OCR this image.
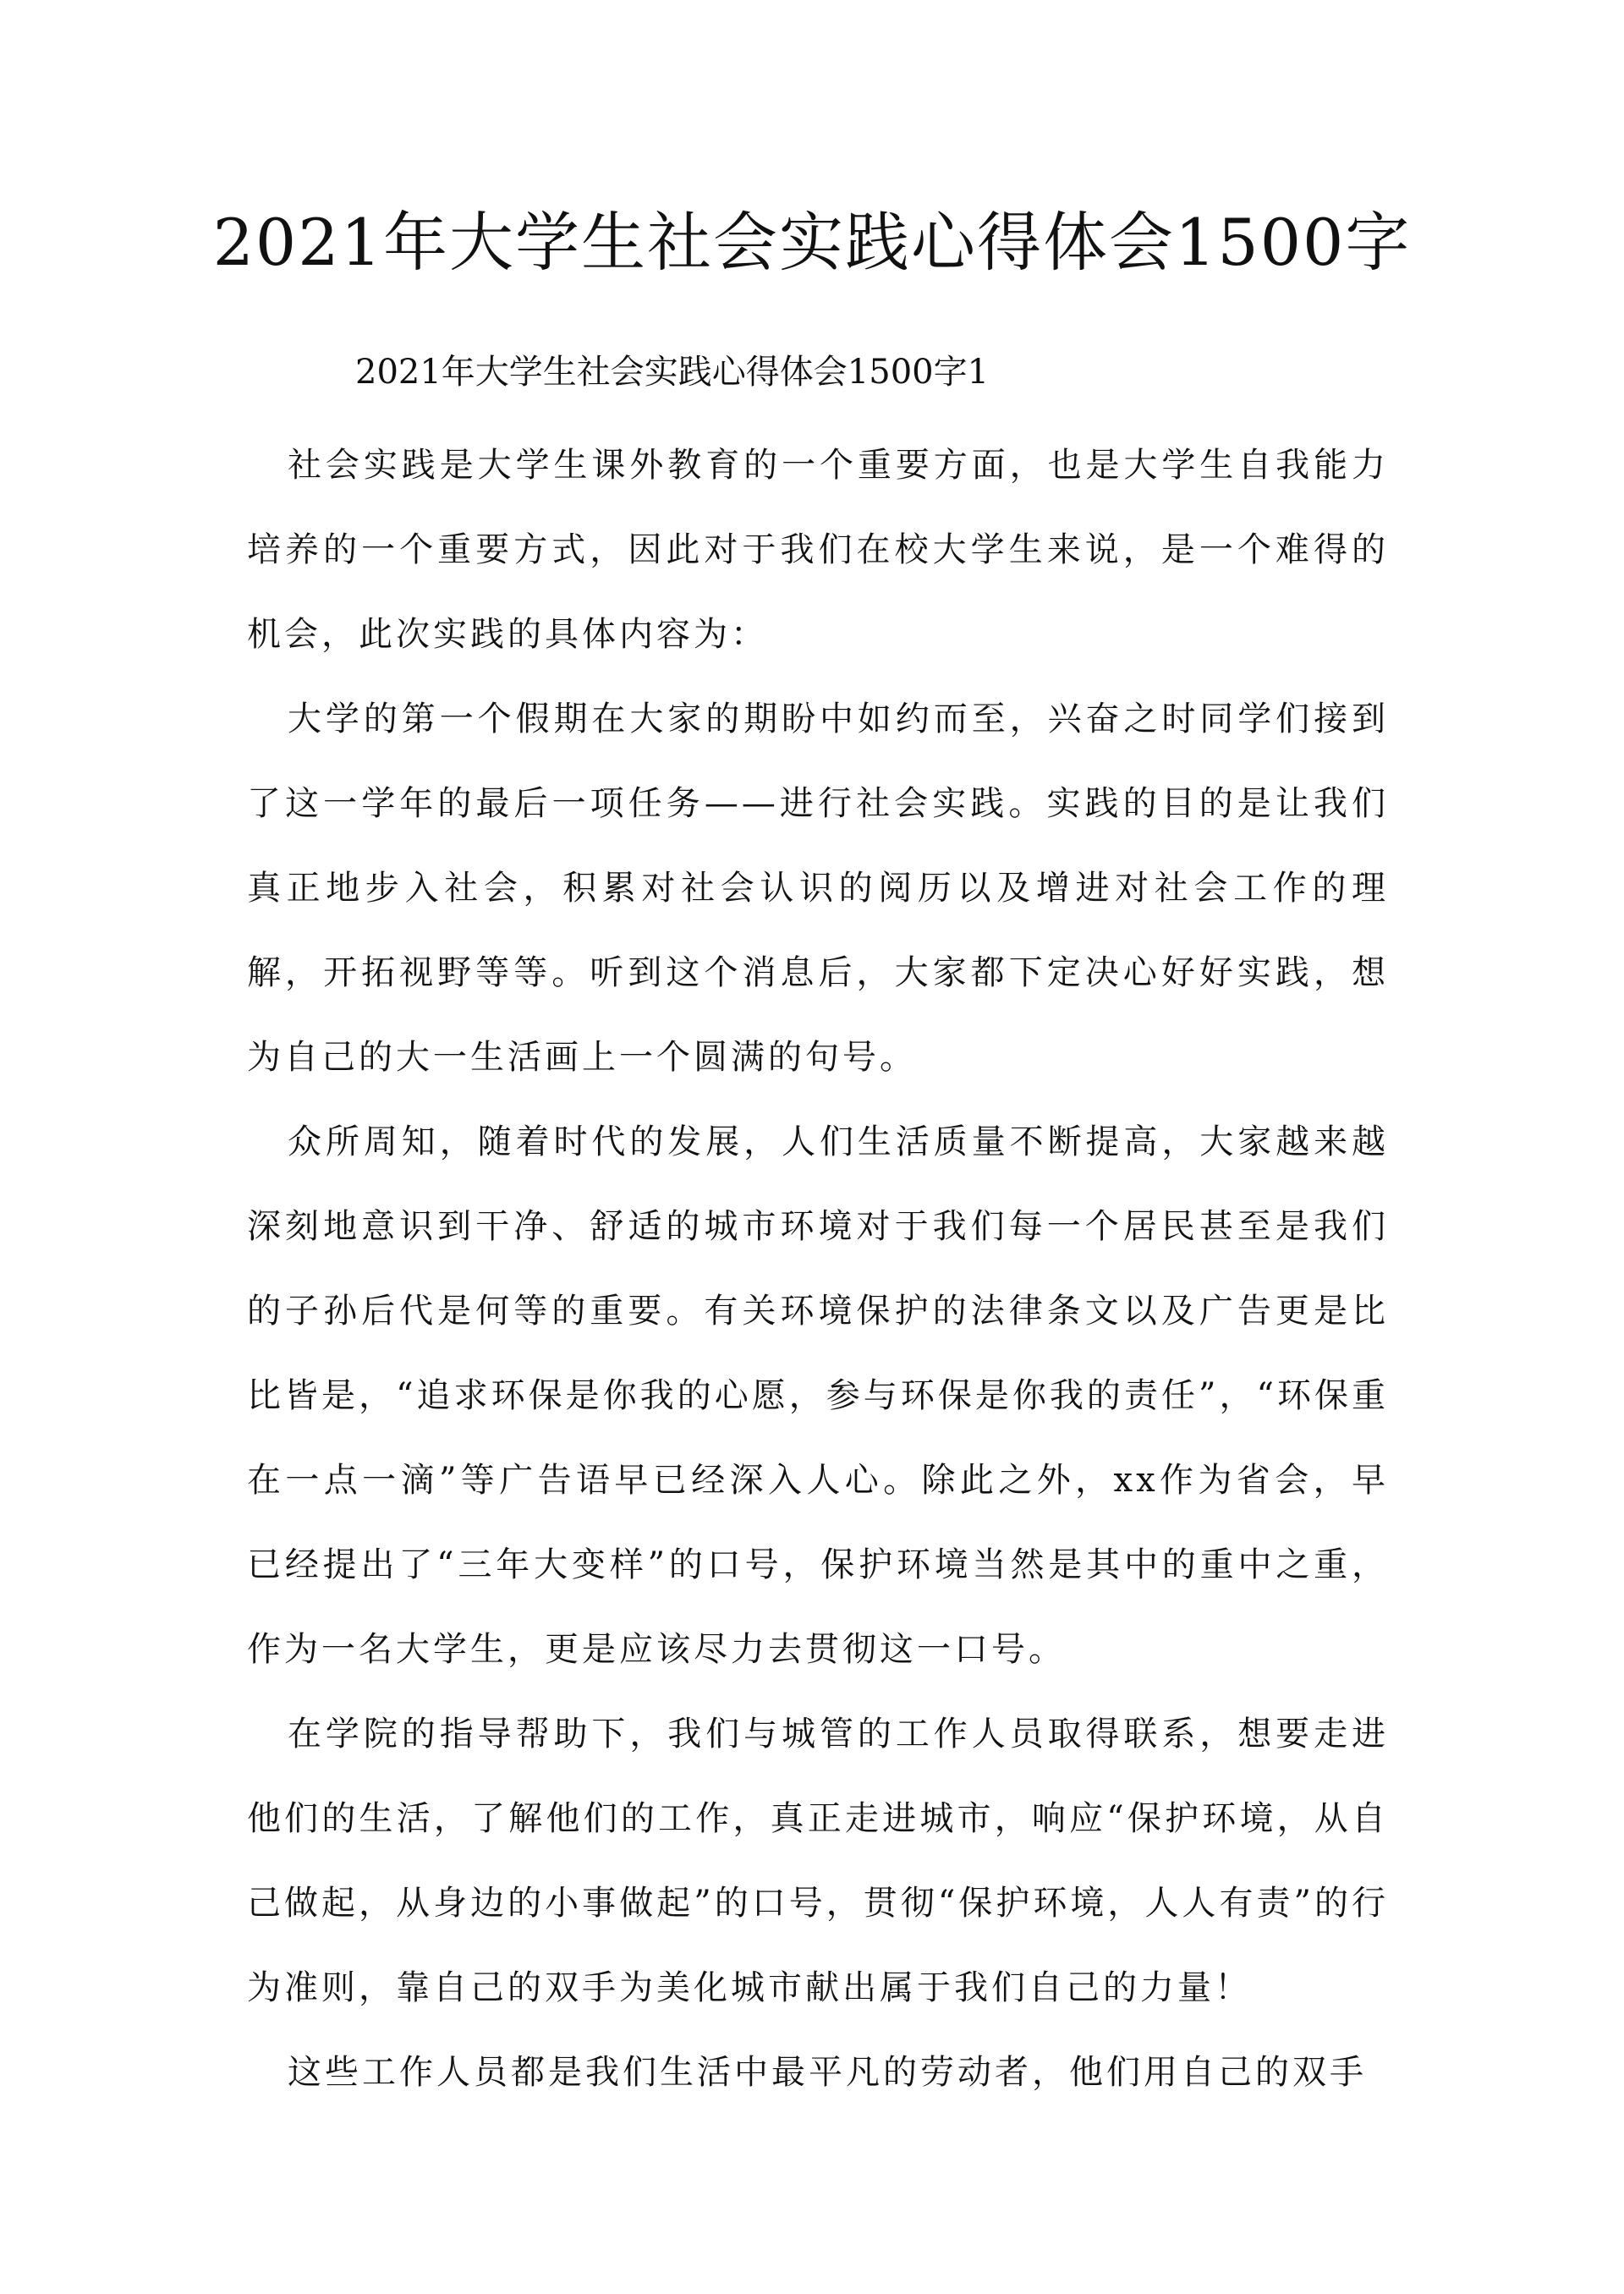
2021年大学生社会实践心得体会1500字
2021年大学生社会实践心得体会1500字1

社会实践是大学生课外教育的一个重要方面，也是大学生自我能力培养的一个重要方式，因此对于我们在校大学生来说，是一个难得的机会，此次实践的具体内容为：

大学的第一个假期在大家的期盼中如约而至，兴奋之时同学们接到了这一学年的最后一项任务——进行社会实践。实践的目的是让我们真正地步入社会，积累对社会认识的阅历以及增进对社会工作的理解，开拓视野等等。听到这个消息后，大家都下定决心好好实践，想为自己的大一生活画上一个圆满的句号。

众所周知，随着时代的发展，人们生活质量不断提高，大家越来越深刻地意识到干净、舒适的城市环境对于我们每一个居民甚至是我们的子孙后代是何等的重要。有关环境保护的法律条文以及广告更是比比皆是，“追求环保是你我的心愿，参与环保是你我的责任”，“环保重在一点一滴”等广告语早已经深入人心。除此之外，xx作为省会，早已经提出了“三年大变样”的口号，保护环境当然是其中的重中之重，作为一名大学生，更是应该尽力去贯彻这一口号。

在学院的指导帮助下，我们与城管的工作人员取得联系，想要走进他们的生活，了解他们的工作，真正走进城市，响应“保护环境，从自己做起，从身边的小事做起”的口号，贯彻“保护环境，人人有责”的行为准则，靠自己的双手为美化城市献出属于我们自己的力量！

这些工作人员都是我们生活中最平凡的劳动者，他们用自己的双手
